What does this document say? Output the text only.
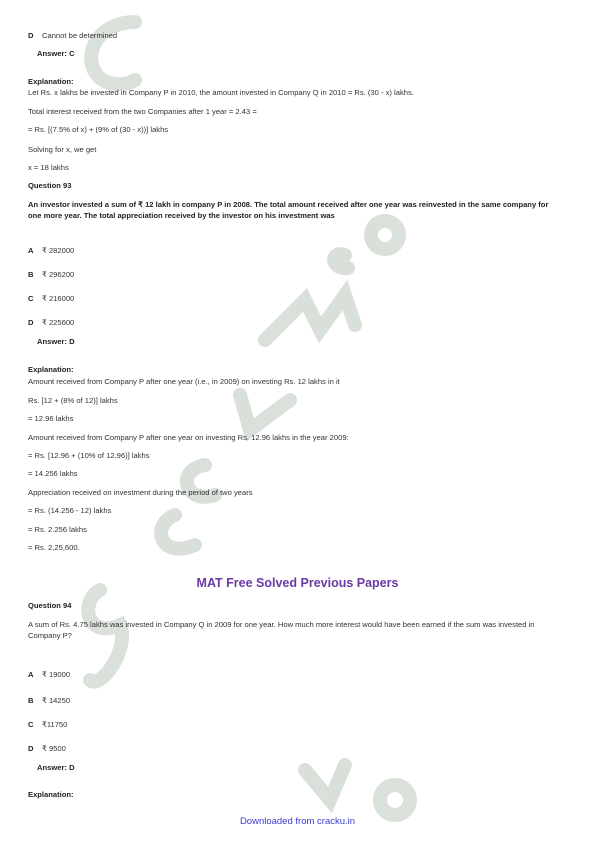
D Cannot be determined
Answer: C
Explanation:
Let Rs. x lakhs be invested in Company P in 2010, the amount invested in Company Q in 2010 = Rs. (30 - x) lakhs.
Total interest received from the two Companies after 1 year = 2.43 =
= Rs. [(7.5% of x) + (9% of (30 - x))] lakhs
Solving for x, we get
x = 18 lakhs
Question 93
An investor invested a sum of ₹ 12 lakh in company P in 2008. The total amount received after one year was reinvested in the same company for one more year. The total appreciation received by the investor on his investment was
A ₹ 282000
B ₹ 296200
C ₹ 216000
D ₹ 225600
Answer: D
Explanation:
Amount received from Company P after one year (i.e., in 2009) on investing Rs. 12 lakhs in it
Rs. [12 + (8% of 12)] lakhs
= 12.96 lakhs
Amount received from Company P after one year on investing Rs. 12.96 lakhs in the year 2009:
= Rs. [12.96 + (10% of 12.96)] lakhs
= 14.256 lakhs
Appreciation received on investment during the period of two years
= Rs. (14.256 - 12) lakhs
= Rs. 2.256 lakhs
= Rs. 2,25,600.
MAT Free Solved Previous Papers
Question 94
A sum of Rs. 4.75 lakhs was invested in Company Q in 2009 for one year. How much more interest would have been earned if the sum was invested in Company P?
A ₹ 19000
B ₹ 14250
C ₹11750
D ₹ 9500
Answer: D
Explanation:
Downloaded from cracku.in
